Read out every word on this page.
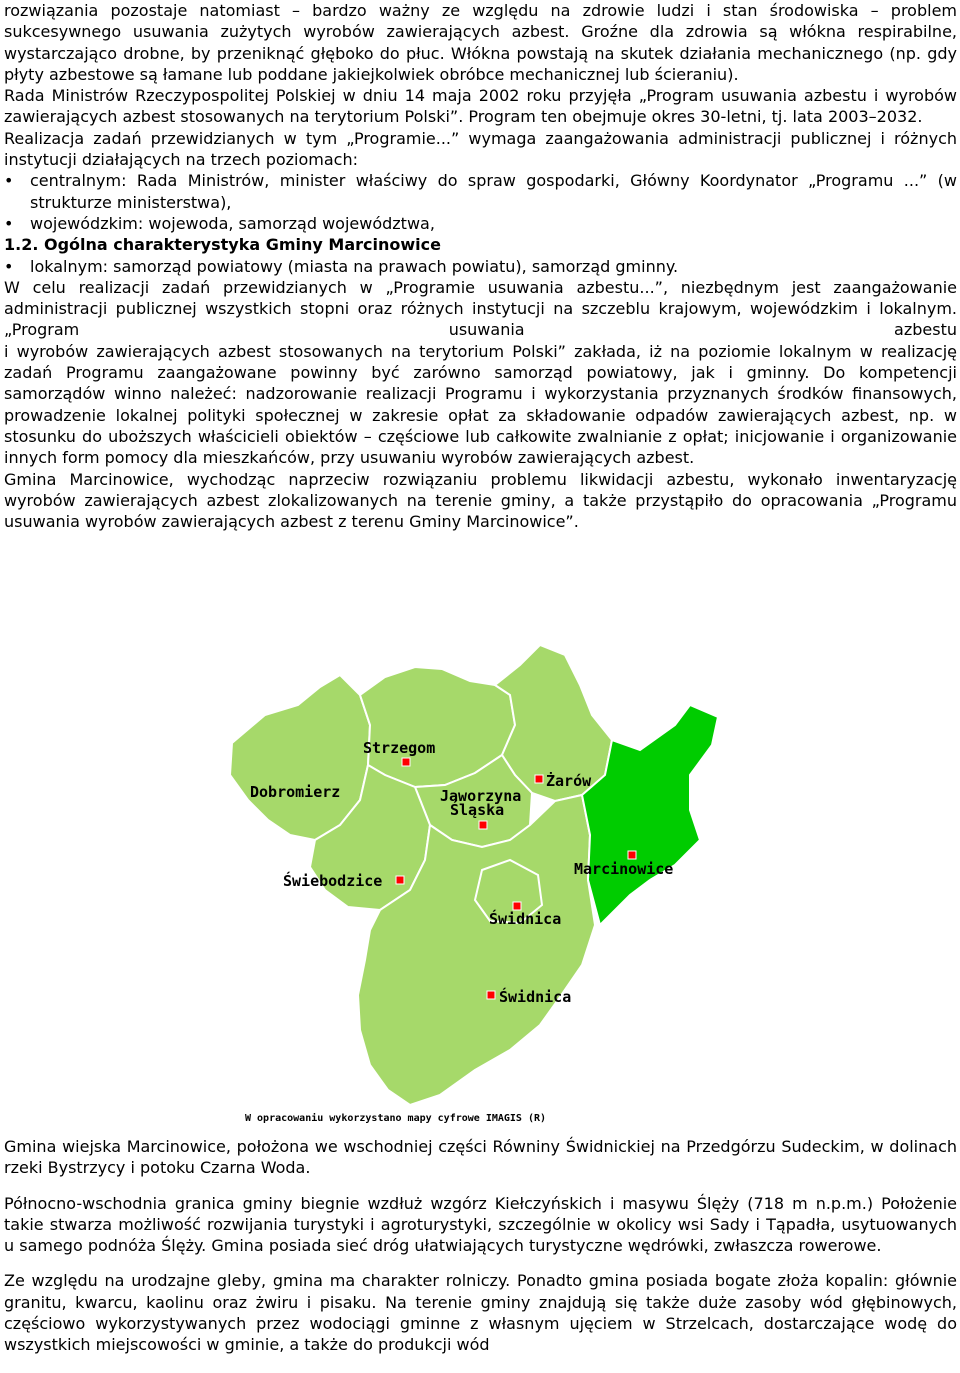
rozwiązania pozostaje natomiast – bardzo ważny ze względu na zdrowie ludzi i stan środowiska – problem sukcesywnego usuwania zużytych wyrobów zawierających azbest. Groźne dla zdrowia są włókna respirabilne, wystarczająco drobne, by przeniknąć głęboko do płuc. Włókna powstają na skutek działania mechanicznego (np. gdy płyty azbestowe są łamane lub poddane jakiejkolwiek obróbce mechanicznej lub ścieraniu).

Rada Ministrów Rzeczypospolitej Polskiej w dniu 14 maja 2002 roku przyjęła „Program usuwania azbestu i wyrobów zawierających azbest stosowanych na terytorium Polski”. Program ten obejmuje okres 30-letni, tj. lata 2003–2032.

Realizacja zadań przewidzianych w tym „Programie...” wymaga zaangażowania administracji publicznej i różnych instytucji działających na trzech poziomach:

• centralnym: Rada Ministrów, minister właściwy do spraw gospodarki, Główny Koordynator „Programu ...” (w strukturze ministerstwa),
• wojewódzkim: wojewoda, samorząd województwa,

1.2. Ogólna charakterystyka Gminy Marcinowice

• lokalnym: samorząd powiatowy (miasta na prawach powiatu), samorząd gminny.

W celu realizacji zadań przewidzianych w „Programie usuwania azbestu...”, niezbędnym jest zaangażowanie administracji publicznej wszystkich stopni oraz różnych instytucji na szczeblu krajowym, wojewódzkim i lokalnym. „Program usuwania azbestu

i wyrobów zawierających azbest stosowanych na terytorium Polski” zakłada, iż na poziomie lokalnym w realizację zadań Programu zaangażowane powinny być zarówno samorząd powiatowy, jak i gminny. Do kompetencji samorządów winno należeć: nadzorowanie realizacji Programu i wykorzystania przyznanych środków finansowych, prowadzenie lokalnej polityki społecznej w zakresie opłat za składowanie odpadów zawierających azbest, np. w stosunku do uboższych właścicieli obiektów – częściowe lub całkowite zwalnianie z opłat; inicjowanie i organizowanie innych form pomocy dla mieszkańców, przy usuwaniu wyrobów zawierających azbest.

Gmina Marcinowice, wychodząc naprzeciw rozwiązaniu problemu likwidacji azbestu, wykonało inwentaryzację wyrobów zawierających azbest zlokalizowanych na terenie gminy, a także przystąpiło do opracowania „Programu usuwania wyrobów zawierających azbest z terenu Gminy Marcinowice”.

Strzegom
Żarów
Dobromierz	Jaworzyna
Śląska
Marcinowice
Świebodzice
Świdnica
Świdnica
W opracowaniu wykorzystano mapy cyfrowe IMAGIS (R)

Gmina wiejska Marcinowice, położona we wschodniej części Równiny Świdnickiej na Przedgórzu Sudeckim, w dolinach rzeki Bystrzycy i potoku Czarna Woda.

Północno-wschodnia granica gminy biegnie wzdłuż wzgórz Kiełczyńskich i masywu Ślęży (718 m n.p.m.) Położenie takie stwarza możliwość rozwijania turystyki i agroturystyki, szczególnie w okolicy wsi Sady i Tąpadła, usytuowanych u samego podnóża Ślęży. Gmina posiada sieć dróg ułatwiających turystyczne wędrówki, zwłaszcza rowerowe.

Ze względu na urodzajne gleby, gmina ma charakter rolniczy. Ponadto gmina posiada bogate złoża kopalin: głównie granitu, kwarcu, kaolinu oraz żwiru i pisaku. Na terenie gminy znajdują się także duże zasoby wód głębinowych, częściowo wykorzystywanych przez wodociągi gminne z własnym ujęciem w Strzelcach, dostarczające wodę do wszystkich miejscowości w gminie, a także do produkcji wód
